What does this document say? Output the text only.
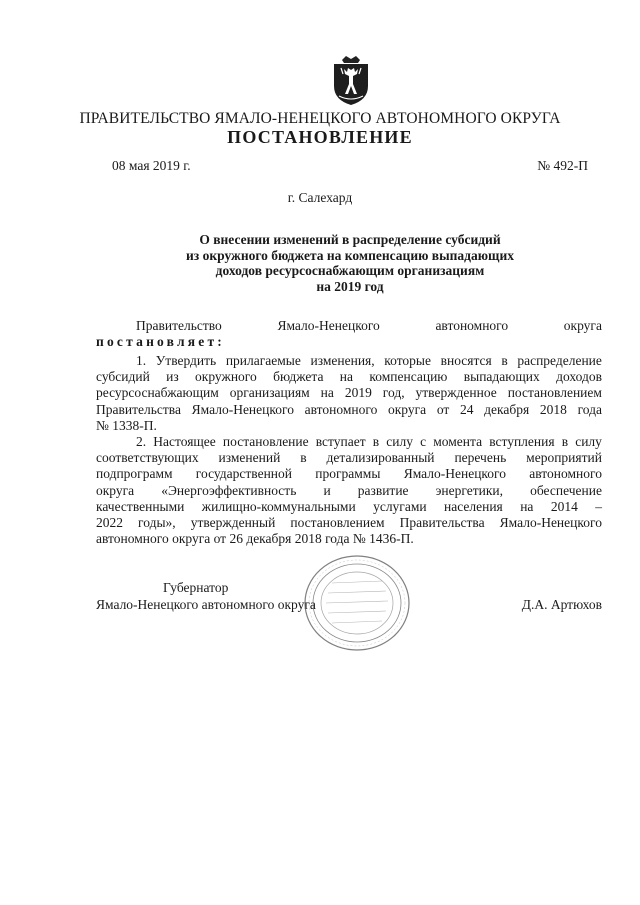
ПРАВИТЕЛЬСТВО ЯМАЛО-НЕНЕЦКОГО АВТОНОМНОГО ОКРУГА
ПОСТАНОВЛЕНИЕ
08 мая 2019 г.	№ 492-П
г. Салехард
О внесении изменений в распределение субсидий
из окружного бюджета на компенсацию выпадающих
доходов ресурсоснабжающим организациям
на 2019 год
Правительство	Ямало-Ненецкого	автономного	округа
постановляет:
1. Утвердить прилагаемые изменения, которые вносятся в распределение
субсидий из окружного бюджета на компенсацию выпадающих доходов
ресурсоснабжающим организациям на 2019 год, утвержденное постановлением
Правительства Ямало-Ненецкого автономного округа от 24 декабря 2018 года
№ 1338-П.
2. Настоящее постановление вступает в силу с момента вступления в силу
соответствующих изменений в детализированный перечень мероприятий
подпрограмм государственной программы Ямало-Ненецкого автономного
округа «Энергоэффективность и развитие энергетики, обеспечение
качественными жилищно-коммунальными услугами населения на 2014 –
2022 годы», утвержденный постановлением Правительства Ямало-Ненецкого
автономного округа от 26 декабря 2018 года № 1436-П.
Губернатор
Ямало-Ненецкого автономного округа	Д.А. Артюхов
